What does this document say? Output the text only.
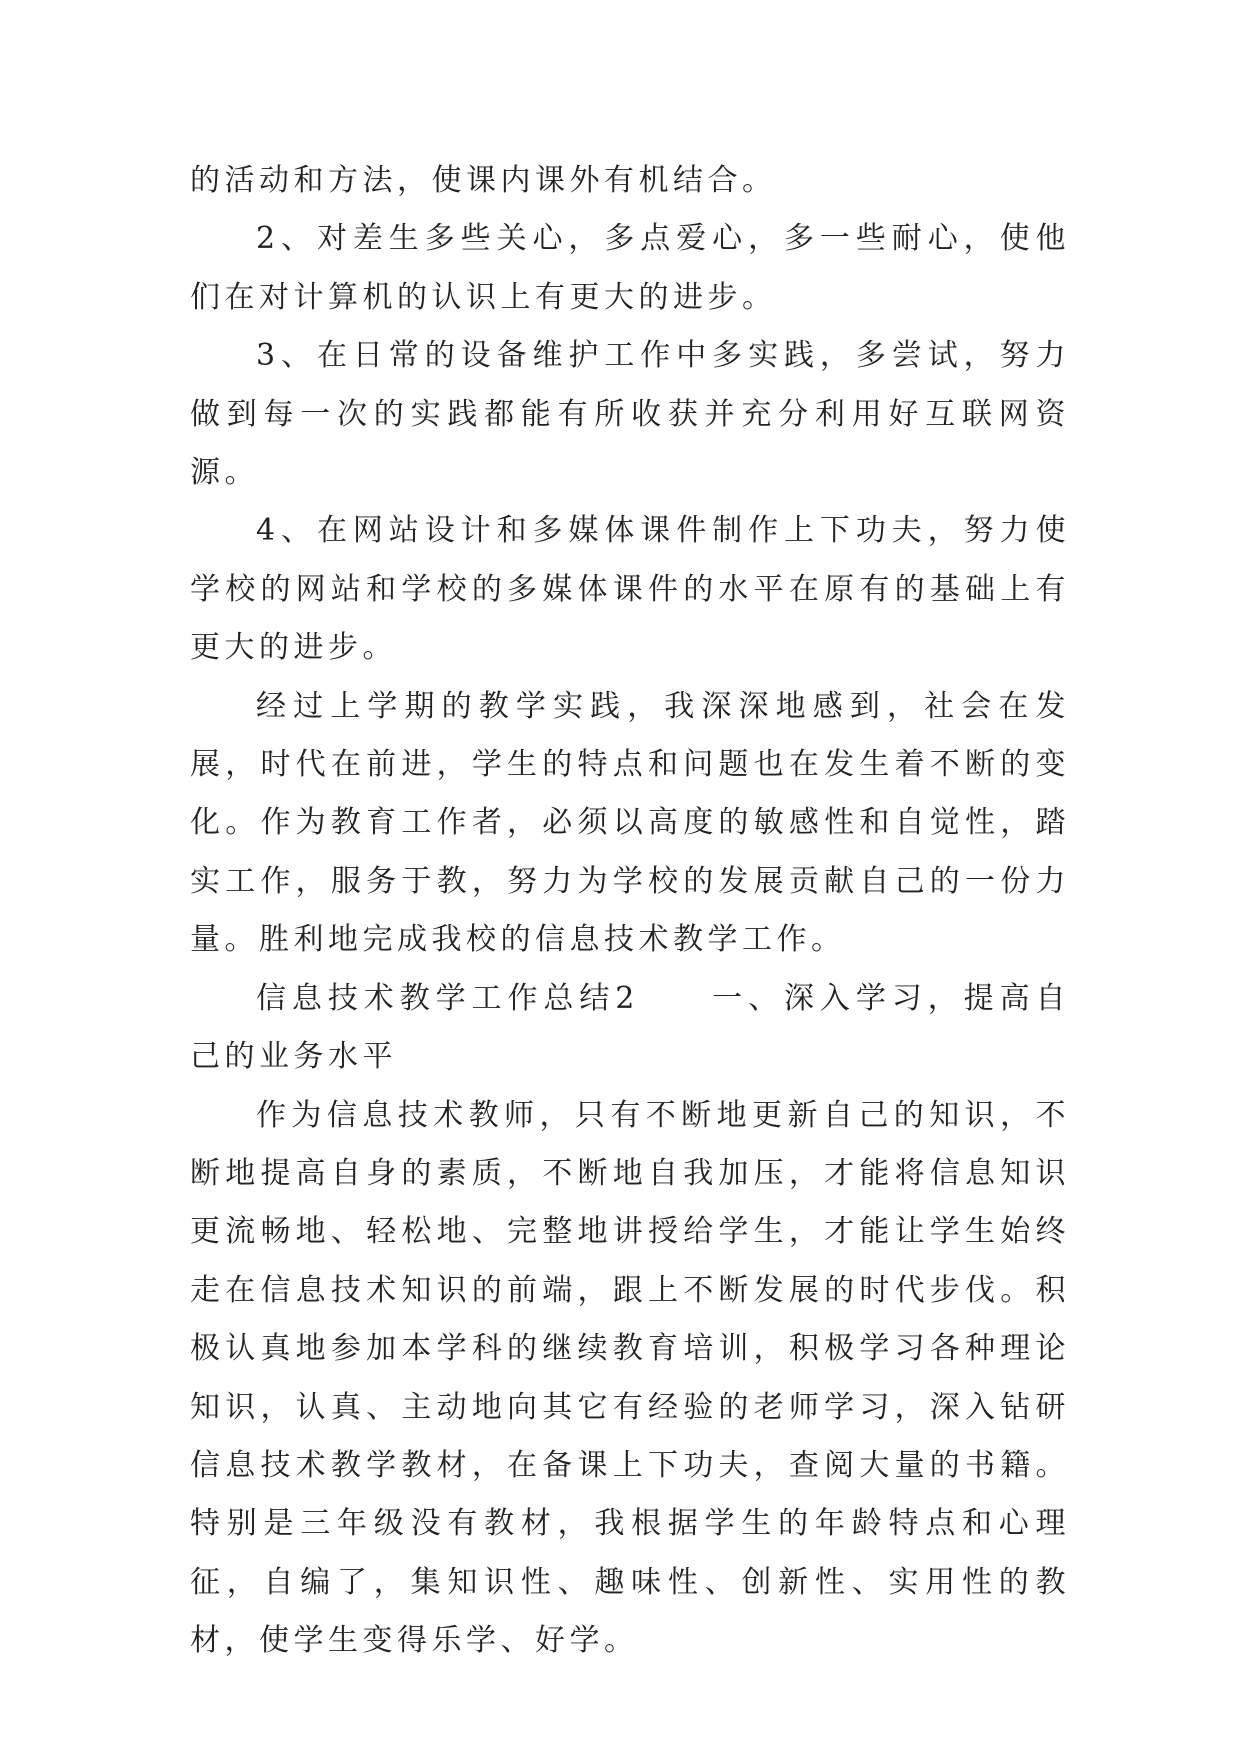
的活动和方法，使课内课外有机结合。

2、对差生多些关心，多点爱心，多一些耐心，使他们在对计算机的认识上有更大的进步。

3、在日常的设备维护工作中多实践，多尝试，努力做到每一次的实践都能有所收获并充分利用好互联网资源。

4、在网站设计和多媒体课件制作上下功夫，努力使学校的网站和学校的多媒体课件的水平在原有的基础上有更大的进步。

经过上学期的教学实践，我深深地感到，社会在发展，时代在前进，学生的特点和问题也在发生着不断的变化。作为教育工作者，必须以高度的敏感性和自觉性，踏实工作，服务于教，努力为学校的发展贡献自己的一份力量。胜利地完成我校的信息技术教学工作。

信息技术教学工作总结2　　一、深入学习，提高自己的业务水平

作为信息技术教师，只有不断地更新自己的知识，不断地提高自身的素质，不断地自我加压，才能将信息知识更流畅地、轻松地、完整地讲授给学生，才能让学生始终走在信息技术知识的前端，跟上不断发展的时代步伐。积极认真地参加本学科的继续教育培训，积极学习各种理论知识，认真、主动地向其它有经验的老师学习，深入钻研信息技术教学教材，在备课上下功夫，查阅大量的书籍。特别是三年级没有教材，我根据学生的年龄特点和心理征，自编了，集知识性、趣味性、创新性、实用性的教材，使学生变得乐学、好学。
